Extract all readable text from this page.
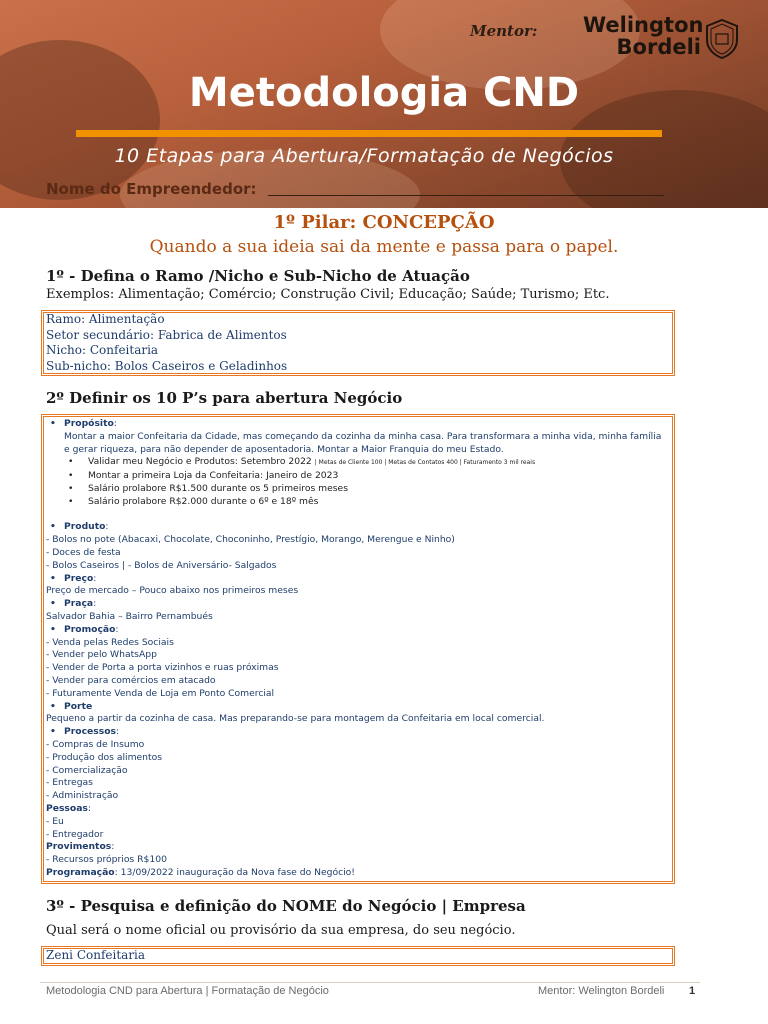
Mentor: Welington
Bordeli
Metodologia CND
10 Etapas para Abertura/Formatação de Negócios
Nome do Empreendedor:
1º Pilar: CONCEPÇÃO
Quando a sua ideia sai da mente e passa para o papel.
1º - Defina o Ramo /Nicho e Sub-Nicho de Atuação
Exemplos: Alimentação; Comércio; Construção Civil; Educação; Saúde; Turismo; Etc.
Ramo: Alimentação
Setor secundário: Fabrica de Alimentos
Nicho: Confeitaria
Sub-nicho: Bolos Caseiros e Geladinhos
2º Definir os 10 P’s para abertura Negócio
• Propósito:
Montar a maior Confeitaria da Cidade, mas começando da cozinha da minha casa. Para transformara a minha vida, minha família
e gerar riqueza, para não depender de aposentadoria. Montar a Maior Franquia do meu Estado.
• Validar meu Negócio e Produtos: Setembro 2022 | Metas de Cliente 100 | Metas de Contatos 400 | Faturamento 3 mil reais
• Montar a primeira Loja da Confeitaria: Janeiro de 2023
• Salário prolabore R$1.500 durante os 5 primeiros meses
• Salário prolabore R$2.000 durante o 6º e 18º mês
• Produto:
- Bolos no pote (Abacaxi, Chocolate, Choconinho, Prestígio, Morango, Merengue e Ninho)
- Doces de festa
- Bolos Caseiros | - Bolos de Aniversário- Salgados
• Preço:
Preço de mercado – Pouco abaixo nos primeiros meses
• Praça:
Salvador Bahia – Bairro Pernambués
• Promoção:
- Venda pelas Redes Sociais
- Vender pelo WhatsApp
- Vender de Porta a porta vizinhos e ruas próximas
- Vender para comércios em atacado
- Futuramente Venda de Loja em Ponto Comercial
• Porte
Pequeno a partir da cozinha de casa. Mas preparando-se para montagem da Confeitaria em local comercial.
• Processos:
- Compras de Insumo
- Produção dos alimentos
- Comercialização
- Entregas
- Administração
Pessoas:
- Eu
- Entregador
Provimentos:
- Recursos próprios R$100
Programação: 13/09/2022 inauguração da Nova fase do Negócio!
3º - Pesquisa e definição do NOME do Negócio | Empresa
Qual será o nome oficial ou provisório da sua empresa, do seu negócio.
Zeni Confeitaria
Metodologia CND para Abertura | Formatação de Negócio	Mentor: Welington Bordeli 1
